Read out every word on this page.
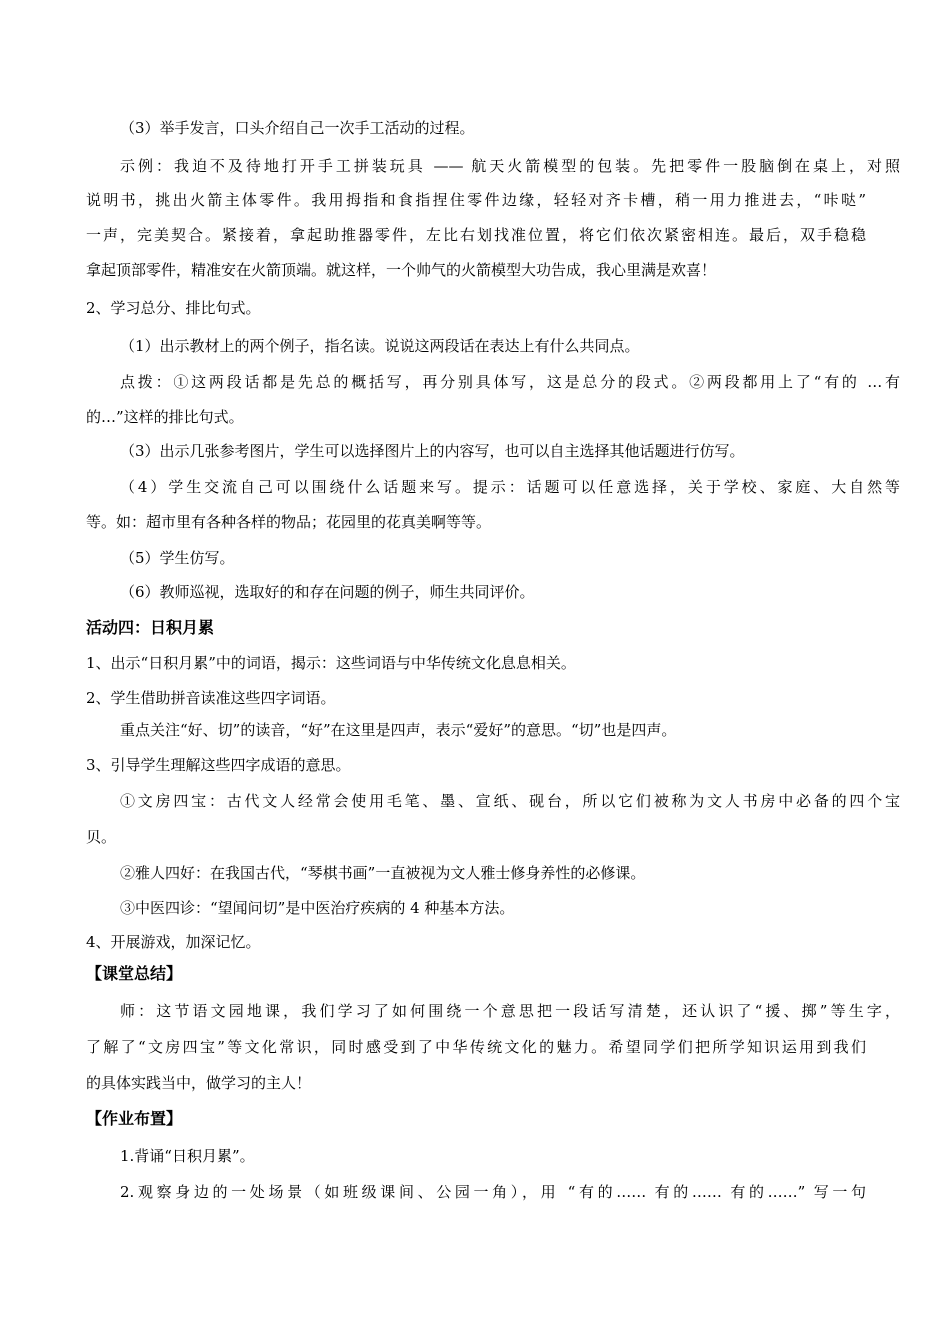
（3）举手发言，口头介绍自己一次手工活动的过程。
示例：我迫不及待地打开手工拼装玩具 —— 航天火箭模型的包装。先把零件一股脑倒在桌上，对照
说明书，挑出火箭主体零件。我用拇指和食指捏住零件边缘，轻轻对齐卡槽，稍一用力推进去，“咔哒”
一声，完美契合。紧接着，拿起助推器零件，左比右划找准位置，将它们依次紧密相连。最后，双手稳稳
拿起顶部零件，精准安在火箭顶端。就这样，一个帅气的火箭模型大功告成，我心里满是欢喜！
2、学习总分、排比句式。
（1）出示教材上的两个例子，指名读。说说这两段话在表达上有什么共同点。
点拨：①这两段话都是先总的概括写，再分别具体写，这是总分的段式。②两段都用上了“有的 …有
的…”这样的排比句式。
（3）出示几张参考图片，学生可以选择图片上的内容写，也可以自主选择其他话题进行仿写。
（4）学生交流自己可以围绕什么话题来写。提示：话题可以任意选择，关于学校、家庭、大自然等
等。如：超市里有各种各样的物品；花园里的花真美啊等等。
（5）学生仿写。
（6）教师巡视，选取好的和存在问题的例子，师生共同评价。
活动四：日积月累
1、出示“日积月累”中的词语，揭示：这些词语与中华传统文化息息相关。
2、学生借助拼音读准这些四字词语。
重点关注“好、切”的读音，“好”在这里是四声，表示“爱好”的意思。“切”也是四声。
3、引导学生理解这些四字成语的意思。
①文房四宝：古代文人经常会使用毛笔、墨、宣纸、砚台，所以它们被称为文人书房中必备的四个宝
贝。
②雅人四好：在我国古代，“琴棋书画”一直被视为文人雅士修身养性的必修课。
③中医四诊：“望闻问切”是中医治疗疾病的 4 种基本方法。
4、开展游戏，加深记忆。
【课堂总结】
师：这节语文园地课，我们学习了如何围绕一个意思把一段话写清楚，还认识了“援、掷”等生字，
了解了“文房四宝”等文化常识，同时感受到了中华传统文化的魅力。希望同学们把所学知识运用到我们
的具体实践当中，做学习的主人！
【作业布置】
1.背诵“日积月累”。
2.观察身边的一处场景（如班级课间、公园一角），用 “有的…… 有的…… 有的……” 写一句
